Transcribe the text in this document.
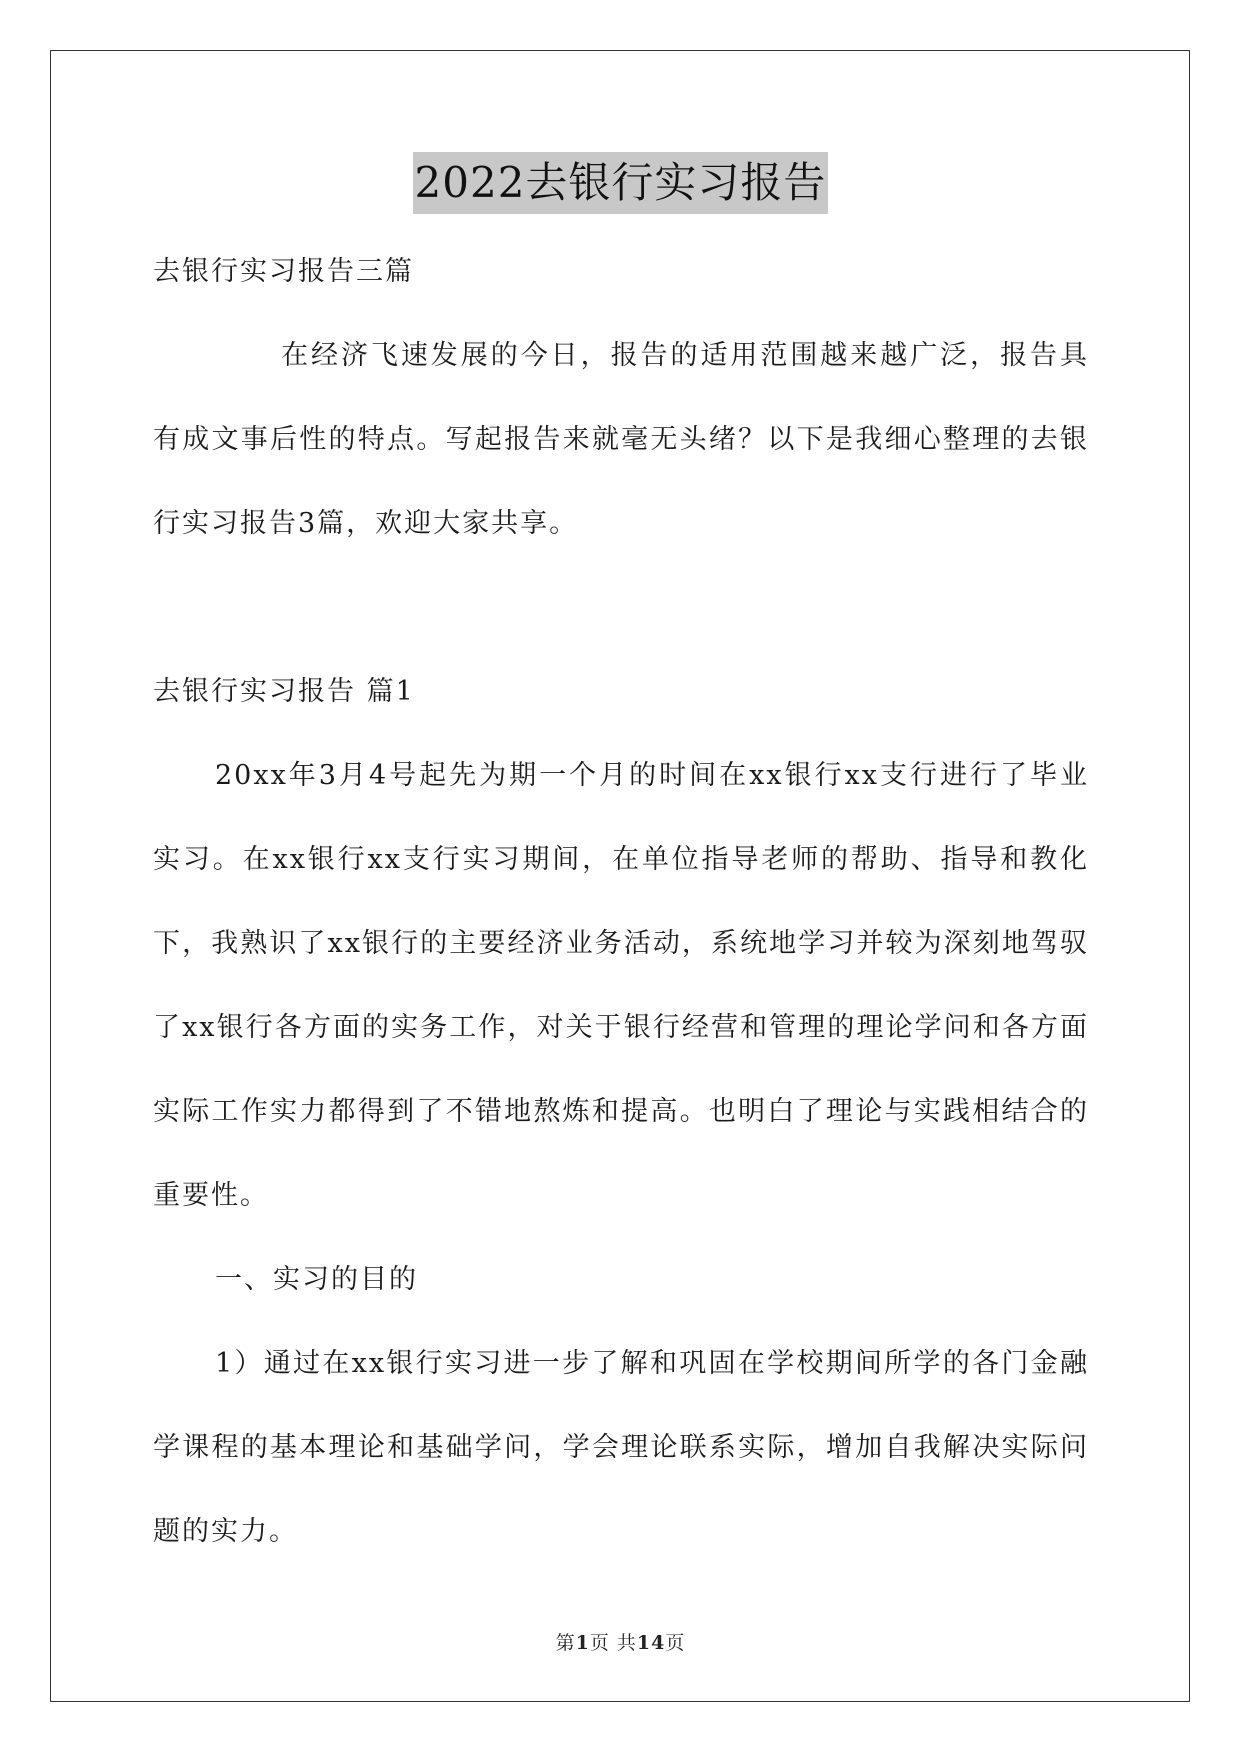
2022去银行实习报告

去银行实习报告三篇

在经济飞速发展的今日，报告的适用范围越来越广泛，报告具有成文事后性的特点。写起报告来就毫无头绪？以下是我细心整理的去银行实习报告3篇，欢迎大家共享。

去银行实习报告 篇1

20xx年3月4号起先为期一个月的时间在xx银行xx支行进行了毕业实习。在xx银行xx支行实习期间，在单位指导老师的帮助、指导和教化下，我熟识了xx银行的主要经济业务活动，系统地学习并较为深刻地驾驭了xx银行各方面的实务工作，对关于银行经营和管理的理论学问和各方面实际工作实力都得到了不错地熬炼和提高。也明白了理论与实践相结合的重要性。

一、实习的目的

1）通过在xx银行实习进一步了解和巩固在学校期间所学的各门金融学课程的基本理论和基础学问，学会理论联系实际，增加自我解决实际问题的实力。

第1页 共14页
